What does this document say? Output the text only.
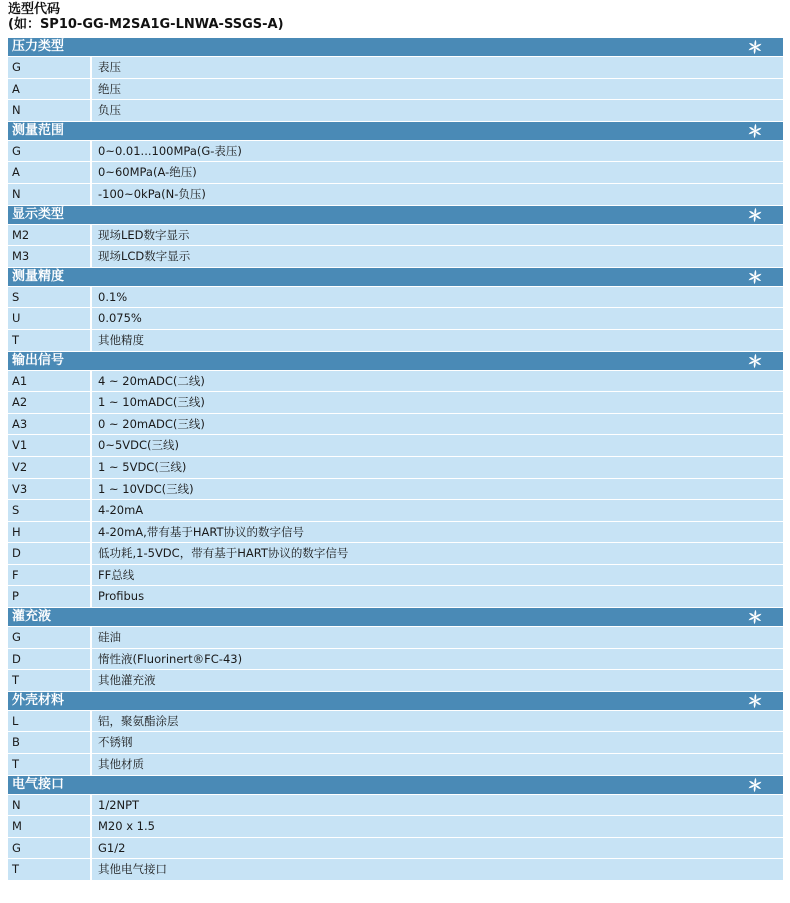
选型代码
(如：SP10-GG-M2SA1G-LNWA-SSGS-A)
压力类型
G	表压
A	绝压
N	负压
测量范围
G	0~0.01...100MPa(G-表压)
A	0~60MPa(A-绝压)
N	-100~0kPa(N-负压)
显示类型
M2	现场LED数字显示
M3	现场LCD数字显示
测量精度
S	0.1%
U	0.075%
T	其他精度
输出信号
A1	4 ~ 20mADC(二线)
A2	1 ~ 10mADC(三线)
A3	0 ~ 20mADC(三线)
V1	0~5VDC(三线)
V2	1 ~ 5VDC(三线)
V3	1 ~ 10VDC(三线)
S	4-20mA
H	4-20mA,带有基于HART协议的数字信号
D	低功耗,1-5VDC，带有基于HART协议的数字信号
F	FF总线
P	Profibus
灌充液
G	硅油
D	惰性液(Fluorinert®FC-43)
T	其他灌充液
外壳材料
L	铝，聚氨酯涂层
B	不锈钢
T	其他材质
电气接口
N	1/2NPT
M	M20 x 1.5
G	G1/2
T	其他电气接口
